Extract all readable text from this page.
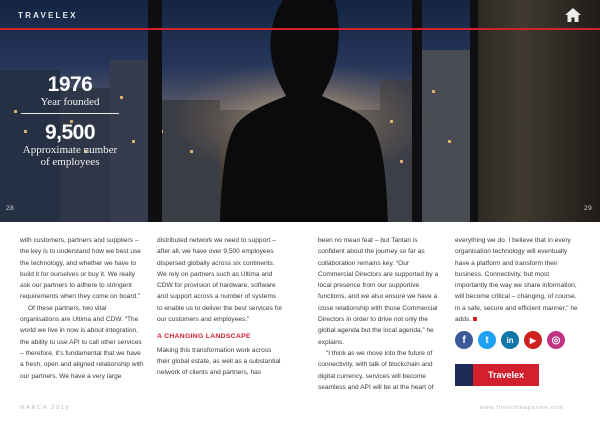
TRAVELEX
1976
Year founded
9,500
Approximate number
of employees
28	29

with customers, partners and suppliers – the key is to understand how we best use the technology, and whether we have to build it for ourselves or buy it. We really ask our partners to adhere to stringent requirements when they come on board.”

Of these partners, two vital organisations are Ultima and CDW. “The world we live in now is about integration, the ability to use API to call other services – therefore, it’s fundamental that we have a fresh, open and aligned relationship with our partners. We have a very large

distributed network we need to support – after all, we have over 9,500 employees dispersed globally across six continents. We rely on partners such as Ultima and CDW for provision of hardware, software and support across a number of systems to enable us to deliver the best services for our customers and employees.”

A CHANGING LANDSCAPE

Making this transformation work across their global estate, as well as a substantial network of clients and partners, has

been no mean feat – but Tantari is confident about the journey so far as collaboration remains key. “Our Commercial Directors are supported by a local presence from our supportive functions, and we also ensure we have a close relationship with those Commercial Directors in order to drive not only the global agenda but the local agenda,” he explains.

“I think as we move into the future of connectivity, with talk of blockchain and digital currency, services will become seamless and API will be at the heart of

everything we do. I believe that in every organisation technology will eventually have a platform and transform their business. Connectivity, but most importantly the way we share information, will become critical – changing, of course, in a safe, secure and efficient manner,” he adds.

f	t	in	▶	◎
Travelex
MARCH 2019	www.fintechmagazine.com
